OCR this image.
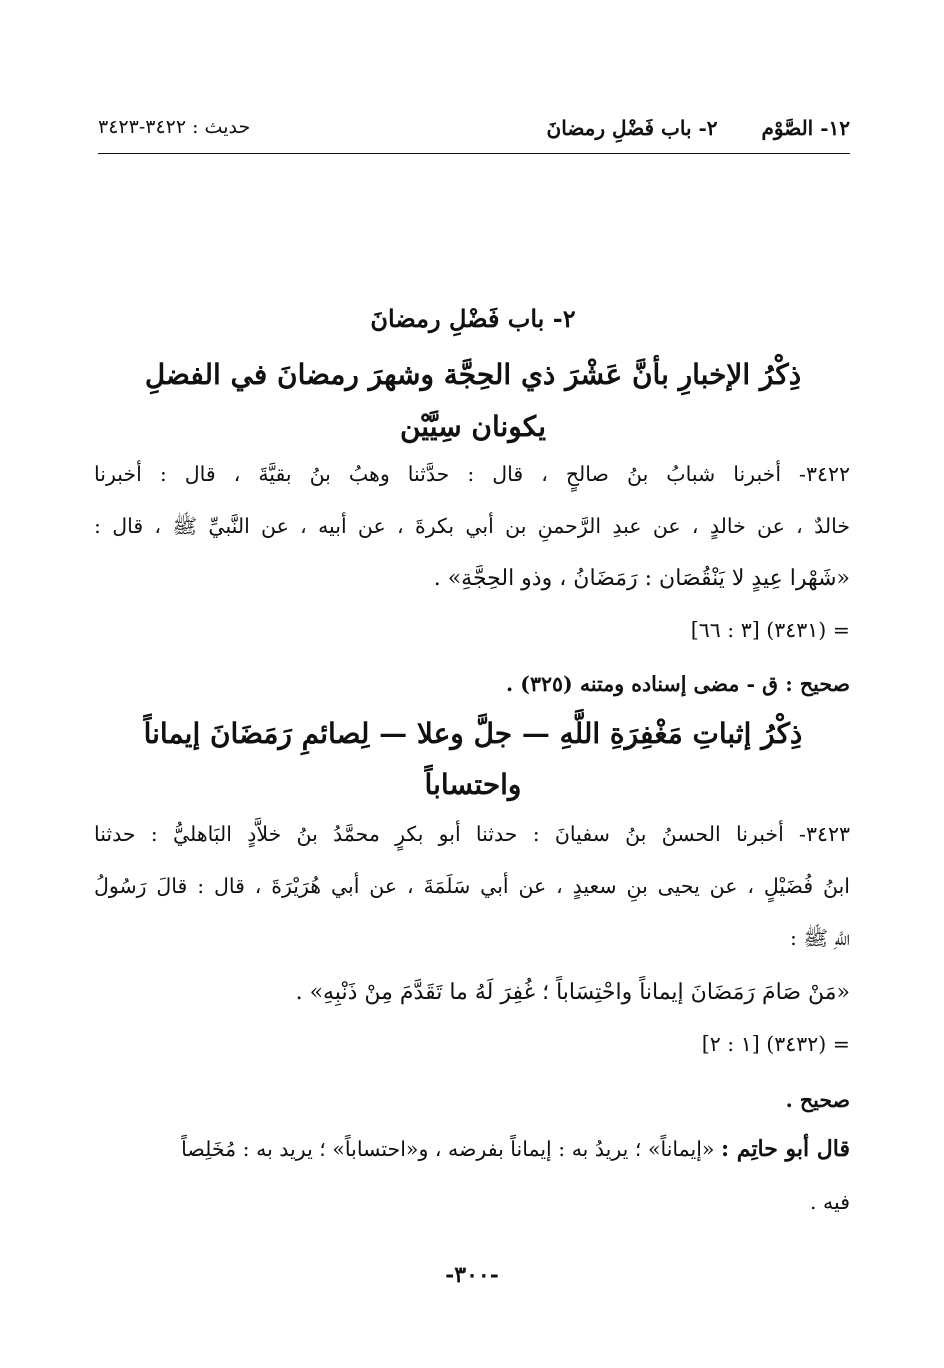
١٢- الصَّوْم٢- باب فَضْلِ رمضانَ
حديث : ٣٤٢٢-٣٤٢٣
٢- باب فَضْلِ رمضانَ
ذِكْرُ الإخبارِ بأنَّ عَشْرَ ذي الحِجَّة وشهرَ رمضانَ في الفضلِ
يكونان سِيَّيْن
٣٤٢٢- أخبرنا شبابُ بنُ صالحٍ ، قال : حدَّثنا وهبُ بنُ بقيَّةَ ، قال : أخبرنا
خالدٌ ، عن خالدٍ ، عن عبدِ الرَّحمنِ بن أبي بكرةَ ، عن أبيه ، عن النَّبيِّ ﷺ ، قال :
«شَهْرا عِيدٍ لا يَنْقُصَان : رَمَضَانُ ، وذو الحِجَّةِ» .
= (٣٤٣١) [٣ : ٦٦]
صحيح : ق - مضى إسناده ومتنه (٣٢٥) .
ذِكْرُ إثباتِ مَغْفِرَةِ اللَّهِ — جلَّ وعلا — لِصائمِ رَمَضَانَ إيماناً
واحتساباً
٣٤٢٣- أخبرنا الحسنُ بنُ سفيانَ : حدثنا أبو بكرٍ محمَّدُ بنُ خلاَّدٍ البَاهليُّ : حدثنا
ابنُ فُضَيْلٍ ، عن يحيى بنِ سعيدٍ ، عن أبي سَلَمَةَ ، عن أبي هُرَيْرَةَ ، قال : قالَ رَسُولُ
اللَّهِ ﷺ :
«مَنْ صَامَ رَمَضَانَ إيماناً واحْتِسَاباً ؛ غُفِرَ لَهُ ما تَقَدَّمَ مِنْ ذَنْبِهِ» .
= (٣٤٣٢) [١ : ٢]
صحيح .
قال أبو حاتِم : «إيماناً» ؛ يريدُ به : إيماناً بفرضه ، و«احتساباً» ؛ يريد به : مُخَلِصاً
فيه .
-٣٠٠-
